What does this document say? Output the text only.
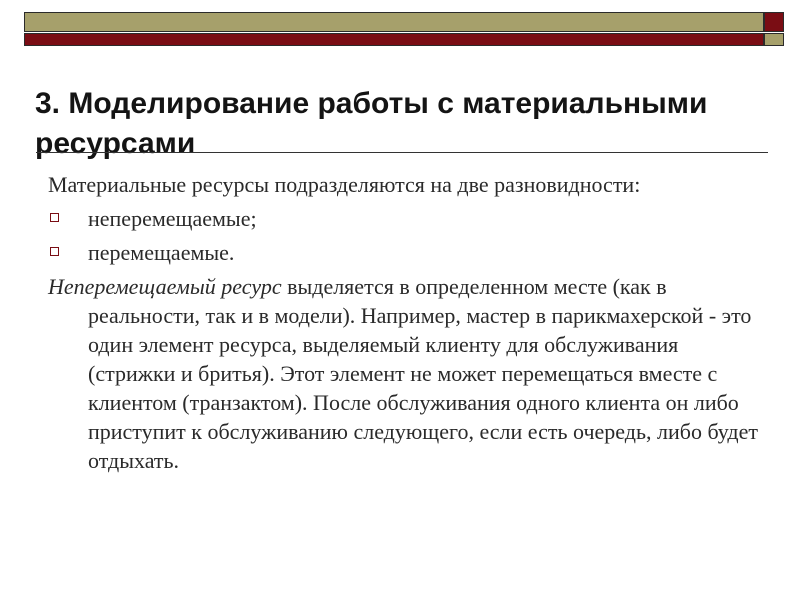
3. Моделирование работы с материальными ресурсами

Материальные ресурсы подразделяются на две разновидности:

неперемещаемые;
перемещаемые.

Неперемещаемый ресурс выделяется в определенном месте (как в реальности, так и в модели). Например, мастер в парикмахерской - это один элемент ресурса, выделяемый клиенту для обслуживания (стрижки и бритья). Этот элемент не может перемещаться вместе с клиентом (транзактом). После обслуживания одного клиента он либо приступит к обслуживанию следующего, если есть очередь, либо будет отдыхать.
